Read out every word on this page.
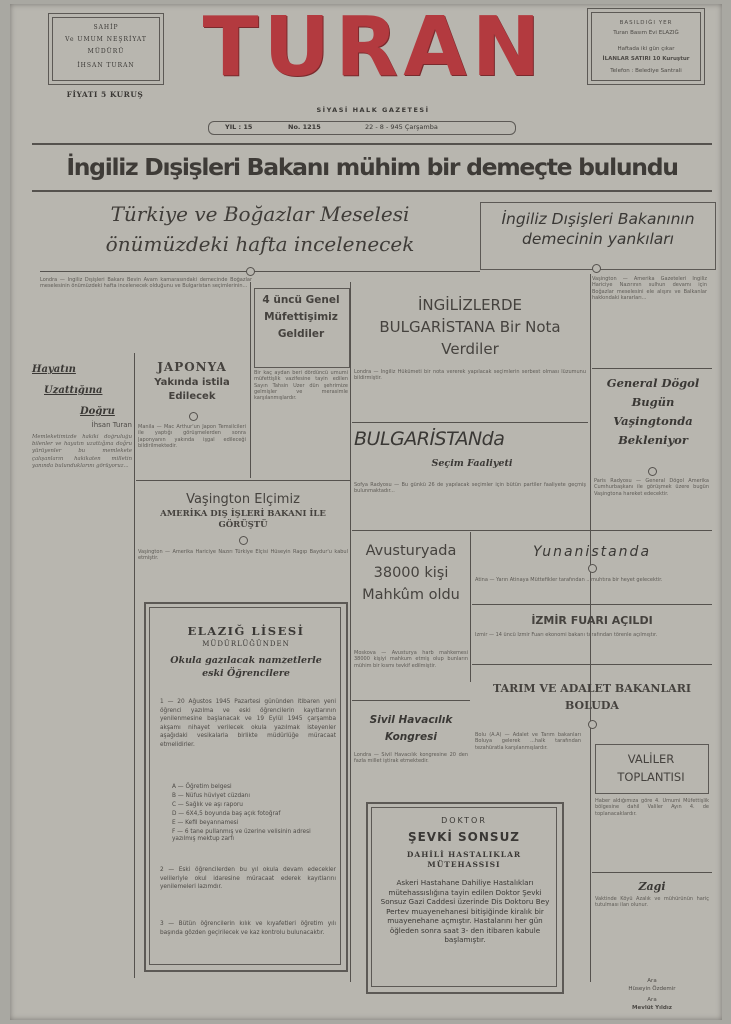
SAHİP
Ve UMUM NEŞRİYAT
MÜDÜRÜ
İHSAN TURAN
FİYATI 5 KURUŞ TURAN
SİYASİ HALK GAZETESİ
BASILDIĞI YER
Turan Basım Evi ELAZIĞ
Haftada iki gün çıkar
İLANLAR SATIRI 10 Kuruştur
Telefon : Belediye Santrali
YIL : 15	No. 1215	22 - 8 - 945 Çarşamba
İngiliz Dışişleri Bakanı mühim bir demeçte bulundu
Türkiye ve Boğazlar Meselesi önümüzdeki hafta incelenecek
Londra — İngiliz Dışişleri Bakanı Bevin Avam kamarasındaki demecinde Boğazlar meselesinin önümüzdeki hafta incelenecek olduğunu ve Bulgaristan seçimlerinin...
İngiliz Dışişleri Bakanının demecinin yankıları
Vaşington — Amerika Gazeteleri İngiliz Hariciye Nazırının sulhun devamı için Boğazlar meselesini ele alışını ve Balkanlar hakkındaki kararları...
Hayatın
Uzattığına
Doğru
İhsan Turan
Memleketimizde hakiki doğruluğu bilenler ve hayatın uzattığına doğru yürüyenler bu memlekete çalışanların hakikaten milletin yanında bulunduklarını görüyoruz...
JAPONYA
Yakında istila Edilecek
Manila — Mac Arthur'un Japon Temsilcileri ile yaptığı görüşmelerden sonra Japonyanın yakında işgal edileceği bildirilmektedir.
4 üncü Genel Müfettişimiz Geldiler
Bir kaç aydan beri dördüncü umumi müfettişlik vazifesine tayin edilen Sayın Tahsin Uzer dün şehrimize gelmişler ve merasimle karşılanmışlardır.
İNGİLİZLERDE BULGARİSTANA Bir Nota Verdiler
Londra — İngiliz Hükümeti bir nota vererek yapılacak seçimlerin serbest olması lüzumunu bildirmiştir.
BULGARİSTANda
Seçim Faaliyeti
Sofya Radyosu — Bu günkü 26 de yapılacak seçimler için bütün partiler faaliyete geçmiş bulunmaktadır...
General Dögol Bugün Vaşingtonda Bekleniyor
Paris Radyosu — General Dögol Amerika Cumhurbaşkanı ile görüşmek üzere bugün Vaşingtona hareket edecektir.
Vaşington Elçimiz
AMERİKA DIŞ İŞLERİ BAKANI İLE GÖRÜŞTÜ
Vaşington — Amerika Hariciye Nazırı Türkiye Elçisi Hüseyin Ragıp Baydur'u kabul etmiştir.	Avusturyada 38000 kişi Mahkûm oldu
Moskova — Avusturya harb mahkemesi 38000 kişiyi mahkum etmiş olup bunların mühim bir kısmı tevkif edilmiştir.
Yunanistanda
Atina — Yarın Atinaya Müttefikler tarafından ...muhtıra bir heyet gelecektir.
İZMİR FUARI AÇILDI
İzmir — 14 üncü İzmir Fuarı ekonomi bakanı tarafından törenle açılmıştır.
TARIM VE ADALET BAKANLARI BOLUDA
Bolu (A.A) — Adalet ve Tarım bakanları Boluya gelerek ...halk tarafından tezahüratla karşılanmışlardır.
Sivil Havacılık Kongresi
Londra — Sivil Havacılık kongresine 20 den fazla millet iştirak etmektedir.	VALİLER TOPLANTISI
Haber aldığımıza göre 4. Umumi Müfettişlik bölgesine dahil Valiler Ayın 4. de toplanacaklardır.
Zagi
Vaktinde Köyü Azalık ve mühürünün hariç tutulması ilan olunur.
Ara
Hüseyin Özdemir
Ara
Mevlüt Yıldız
ELAZIĞ LİSESİ
MÜDÜRLÜĞÜNDEN
Okula gazılacak namzetlerle eski Öğrencilere
1 — 20 Ağustos 1945 Pazartesi gününden itibaren yeni öğrenci yazılma ve eski öğrencilerin kayıtlarının yenilenmesine başlanacak ve 19 Eylül 1945 çarşamba akşamı nihayet verilecek okula yazılmak isteyenler aşağıdaki vesikalarla birlikte müdürlüğe müracaat etmelidirler.
A — Öğretim belgesi
B — Nüfus hüviyet cüzdanı
C — Sağlık ve aşı raporu
D — 6X4,5 boyunda baş açık fotoğraf
E — Kefil beyannamesi
F — 6 tane pullanmış ve üzerine velisinin adresi yazılmış mektup zarfı
2 — Eski öğrencilerden bu yıl okula devam edecekler velileriyle okul idaresine müracaat ederek kayıtlarını yenilemeleri lazımdır.
3 — Bütün öğrencilerin kılık ve kıyafetleri öğretim yılı başında gözden geçirilecek ve kaz kontrolu bulunacaktır.
DOKTOR
ŞEVKİ SONSUZ
DAHİLİ HASTALIKLAR MÜTEHASSISI
Askeri Hastahane Dahiliye Hastalıkları mütehassıslığına tayin edilen Doktor Şevki Sonsuz Gazi Caddesi üzerinde Dis Doktoru Bey Pertev muayenehanesi bitişiğinde kiralık bir muayenehane açmıştır. Hastalarını her gün öğleden sonra saat 3- den itibaren kabule başlamıştır.
